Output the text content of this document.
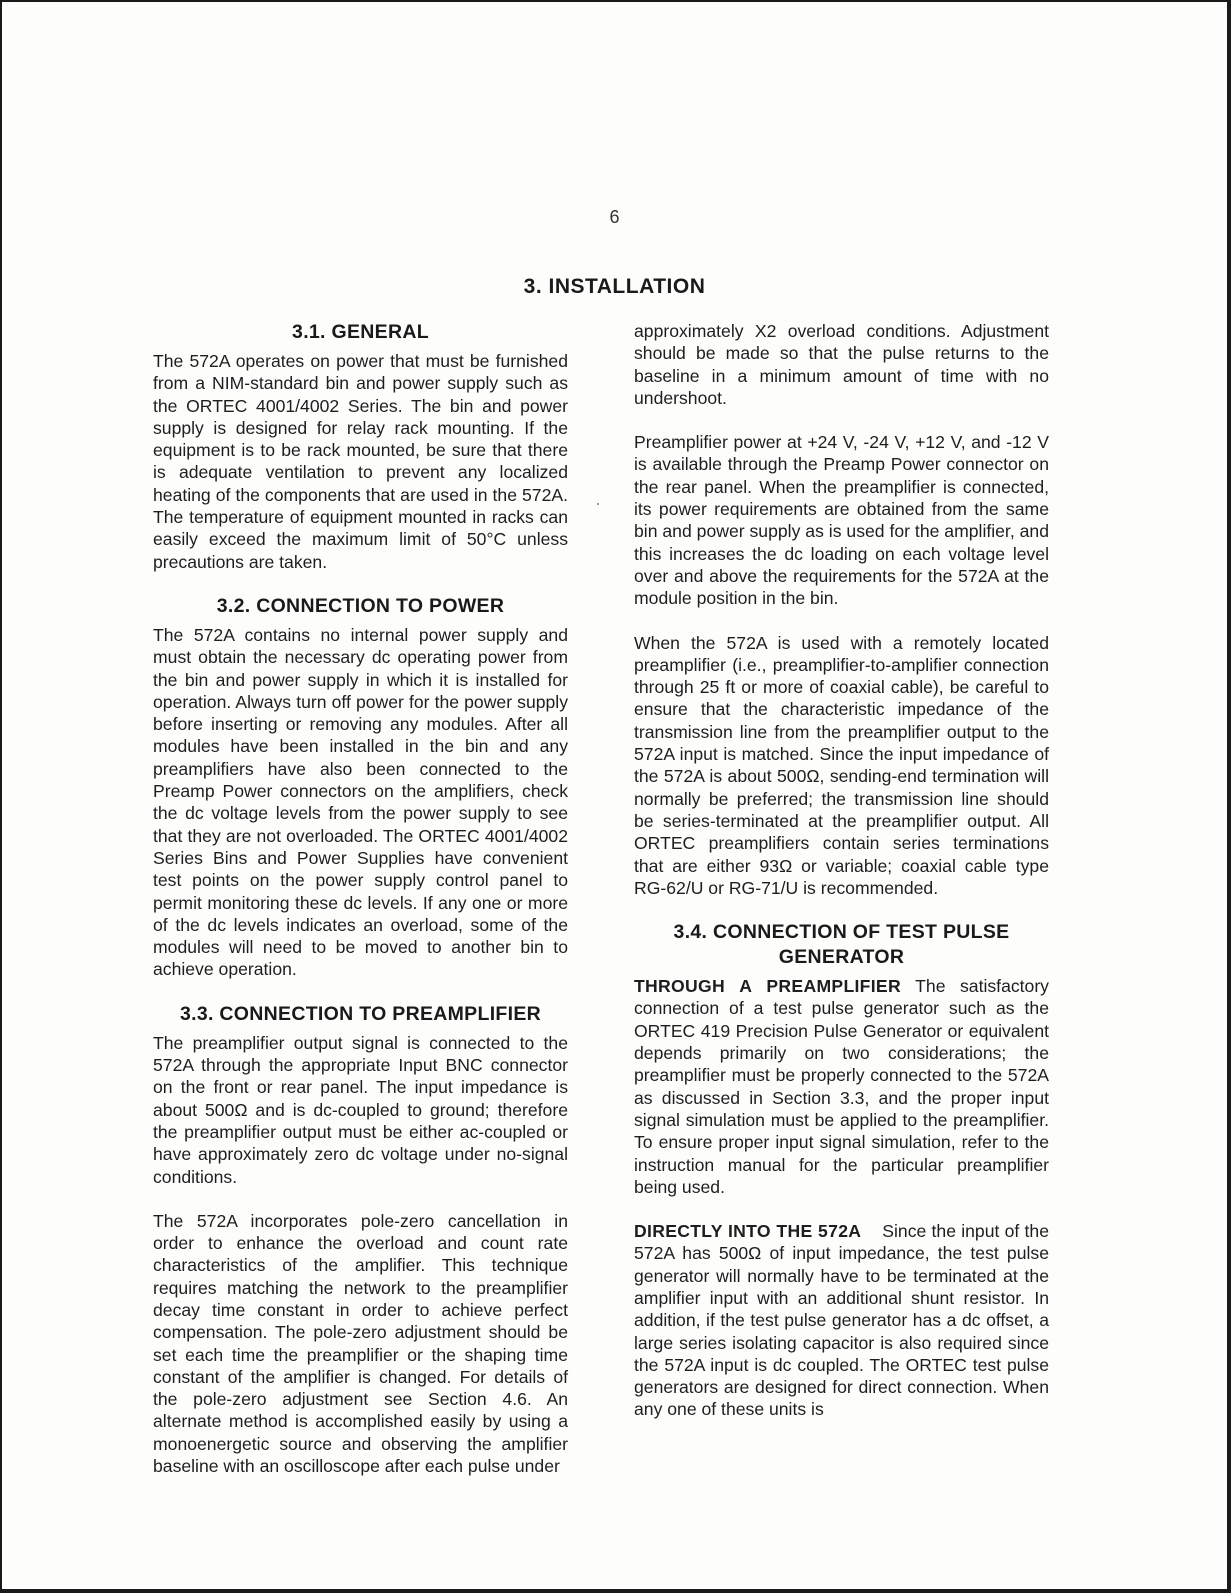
6
3. INSTALLATION
3.1. GENERAL

The 572A operates on power that must be furnished from a NIM-standard bin and power supply such as the ORTEC 4001/4002 Series. The bin and power supply is designed for relay rack mounting. If the equipment is to be rack mounted, be sure that there is adequate ventilation to prevent any localized heating of the components that are used in the 572A. The temperature of equipment mounted in racks can easily exceed the maximum limit of 50°C unless precautions are taken.

3.2. CONNECTION TO POWER

The 572A contains no internal power supply and must obtain the necessary dc operating power from the bin and power supply in which it is installed for operation. Always turn off power for the power supply before inserting or removing any modules. After all modules have been installed in the bin and any preamplifiers have also been connected to the Preamp Power connectors on the amplifiers, check the dc voltage levels from the power supply to see that they are not overloaded. The ORTEC 4001/4002 Series Bins and Power Supplies have convenient test points on the power supply control panel to permit monitoring these dc levels. If any one or more of the dc levels indicates an overload, some of the modules will need to be moved to another bin to achieve operation.

3.3. CONNECTION TO PREAMPLIFIER

The preamplifier output signal is connected to the 572A through the appropriate Input BNC connector on the front or rear panel. The input impedance is about 500Ω and is dc-coupled to ground; therefore the preamplifier output must be either ac-coupled or have approximately zero dc voltage under no-signal conditions.

The 572A incorporates pole-zero cancellation in order to enhance the overload and count rate characteristics of the amplifier. This technique requires matching the network to the preamplifier decay time constant in order to achieve perfect compensation. The pole-zero adjustment should be set each time the preamplifier or the shaping time constant of the amplifier is changed. For details of the pole-zero adjustment see Section 4.6. An alternate method is accomplished easily by using a monoenergetic source and observing the amplifier baseline with an oscilloscope after each pulse under

approximately X2 overload conditions. Adjustment should be made so that the pulse returns to the baseline in a minimum amount of time with no undershoot.

Preamplifier power at +24 V, -24 V, +12 V, and -12 V is available through the Preamp Power connector on the rear panel. When the preamplifier is connected, its power requirements are obtained from the same bin and power supply as is used for the amplifier, and this increases the dc loading on each voltage level over and above the requirements for the 572A at the module position in the bin.

When the 572A is used with a remotely located preamplifier (i.e., preamplifier-to-amplifier connection through 25 ft or more of coaxial cable), be careful to ensure that the characteristic impedance of the transmission line from the preamplifier output to the 572A input is matched. Since the input impedance of the 572A is about 500Ω, sending-end termination will normally be preferred; the transmission line should be series-terminated at the preamplifier output. All ORTEC preamplifiers contain series terminations that are either 93Ω or variable; coaxial cable type RG-62/U or RG-71/U is recommended.

3.4. CONNECTION OF TEST PULSE
GENERATOR

THROUGH A PREAMPLIFIER The satisfactory connection of a test pulse generator such as the ORTEC 419 Precision Pulse Generator or equivalent depends primarily on two considerations; the preamplifier must be properly connected to the 572A as discussed in Section 3.3, and the proper input signal simulation must be applied to the preamplifier. To ensure proper input signal simulation, refer to the instruction manual for the particular preamplifier being used.

DIRECTLY INTO THE 572A Since the input of the 572A has 500Ω of input impedance, the test pulse generator will normally have to be terminated at the amplifier input with an additional shunt resistor. In addition, if the test pulse generator has a dc offset, a large series isolating capacitor is also required since the 572A input is dc coupled. The ORTEC test pulse generators are designed for direct connection. When any one of these units is
